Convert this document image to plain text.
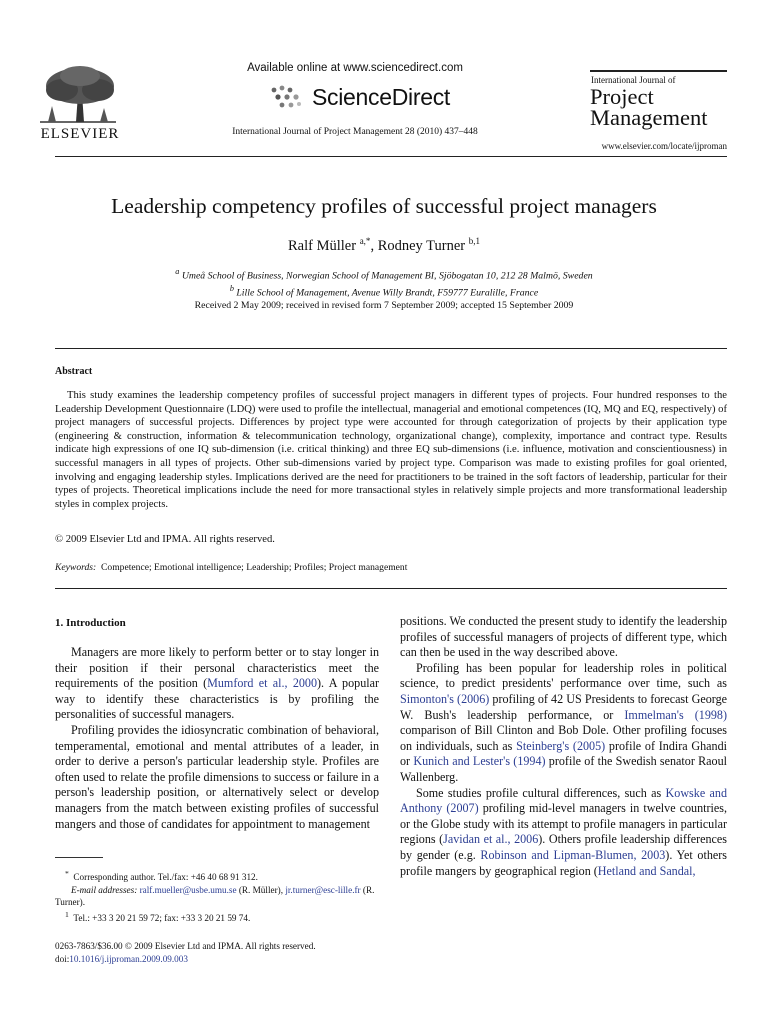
ELSEVIER
Available online at www.sciencedirect.com
ScienceDirect
International Journal of Project Management 28 (2010) 437–448
International Journal of
Project
Management
www.elsevier.com/locate/ijproman
Leadership competency profiles of successful project managers
Ralf Müller $^{a,*}$, Rodney Turner $^{b,1}$
$^a$ Umeå School of Business, Norwegian School of Management BI, Sjöbogatan 10, 212 28 Malmö, Sweden
$^b$ Lille School of Management, Avenue Willy Brandt, F59777 Euralille, France
Received 2 May 2009; received in revised form 7 September 2009; accepted 15 September 2009
Abstract
This study examines the leadership competency profiles of successful project managers in different types of projects. Four hundred responses to the Leadership Development Questionnaire (LDQ) were used to profile the intellectual, managerial and emotional competences (IQ, MQ and EQ, respectively) of project managers of successful projects. Differences by project type were accounted for through categorization of projects by their application type (engineering & construction, information & telecommunication technology, organizational change), complexity, importance and contract type. Results indicate high expressions of one IQ sub-dimension (i.e. critical thinking) and three EQ sub-dimensions (i.e. influence, motivation and conscientiousness) in successful managers in all types of projects. Other sub-dimensions varied by project type. Comparison was made to existing profiles for goal oriented, involving and engaging leadership styles. Implications derived are the need for practitioners to be trained in the soft factors of leadership, particular for their types of projects. Theoretical implications include the need for more transactional styles in relatively simple projects and more transformational leadership styles in complex projects.
© 2009 Elsevier Ltd and IPMA. All rights reserved.
Keywords: Competence; Emotional intelligence; Leadership; Profiles; Project management
1. Introduction

Managers are more likely to perform better or to stay longer in their position if their personal characteristics meet the requirements of the position (Mumford et al., 2000). A popular way to identify these characteristics is by profiling the personalities of successful managers.

Profiling provides the idiosyncratic combination of behavioral, temperamental, emotional and mental attributes of a leader, in order to derive a person's particular leadership style. Profiles are often used to relate the profile dimensions to success or failure in a person's leadership position, or alternatively select or develop managers from the match between existing profiles of successful mangers and those of candidates for appointment to management

* Corresponding author. Tel./fax: +46 40 68 91 312.
E-mail addresses: ralf.mueller@usbe.umu.se (R. Müller), jr.turner@esc-lille.fr (R. Turner).
$^1$ Tel.: +33 3 20 21 59 72; fax: +33 3 20 21 59 74.
0263-7863/$36.00 © 2009 Elsevier Ltd and IPMA. All rights reserved.
doi:10.1016/j.ijproman.2009.09.003

positions. We conducted the present study to identify the leadership profiles of successful managers of projects of different type, which can then be used in the way described above.

Profiling has been popular for leadership roles in political science, to predict presidents' performance over time, such as Simonton's (2006) profiling of 42 US Presidents to forecast George W. Bush's leadership performance, or Immelman's (1998) comparison of Bill Clinton and Bob Dole. Other profiling focuses on individuals, such as Steinberg's (2005) profile of Indira Ghandi or Kunich and Lester's (1994) profile of the Swedish senator Raoul Wallenberg.

Some studies profile cultural differences, such as Kowske and Anthony (2007) profiling mid-level managers in twelve countries, or the Globe study with its attempt to profile managers in particular regions (Javidan et al., 2006). Others profile leadership differences by gender (e.g. Robinson and Lipman-Blumen, 2003). Yet others profile mangers by geographical region (Hetland and Sandal,
